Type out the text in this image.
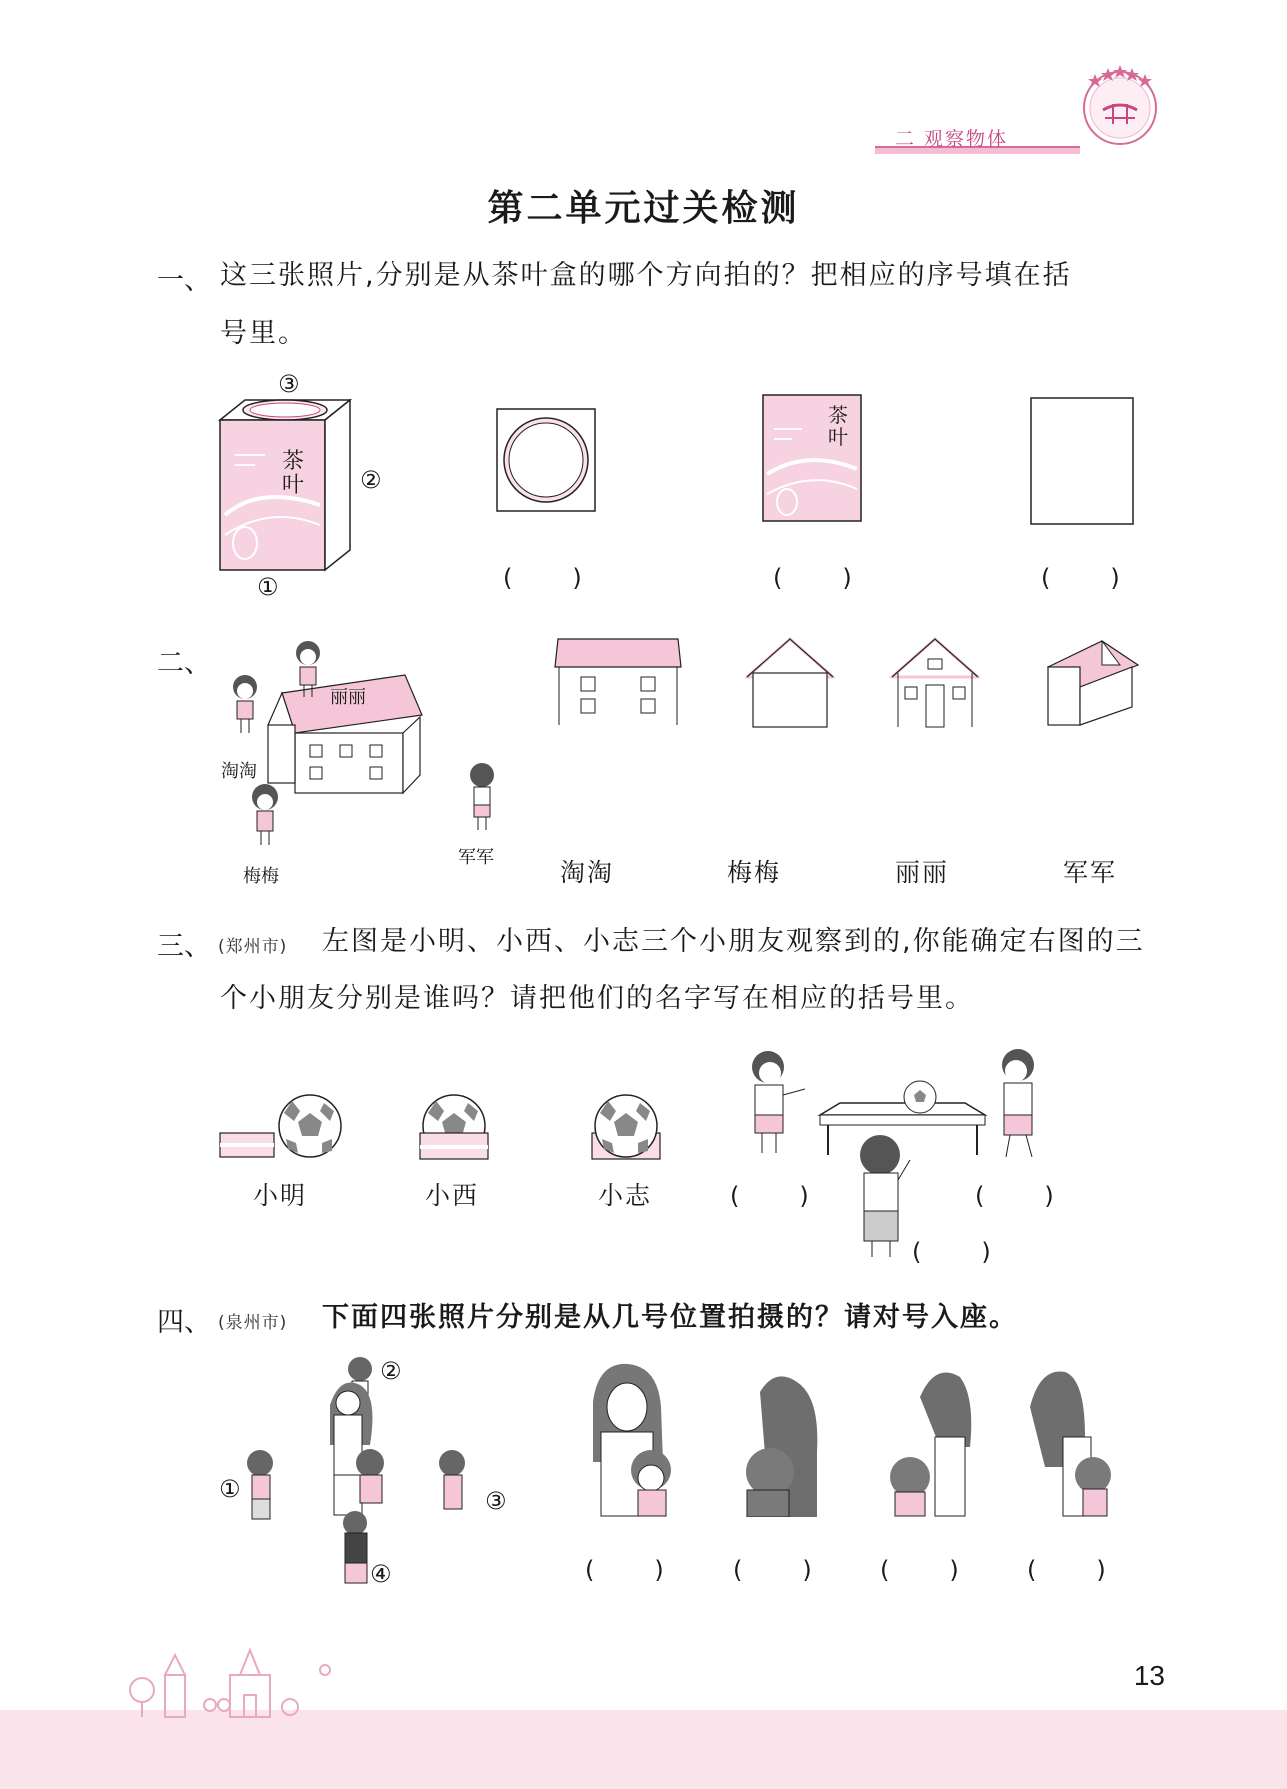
二 观察物体
第二单元过关检测
一、 这三张照片,分别是从茶叶盒的哪个方向拍的？把相应的序号填在括
号里。
茶叶
③
②
①
茶叶
(　　)	(　　)	(　　)
二、
丽丽
淘淘
梅梅
军军
淘淘	梅梅	丽丽	军军
三、 (郑州市) 左图是小明、小西、小志三个小朋友观察到的,你能确定右图的三
个小朋友分别是谁吗？请把他们的名字写在相应的括号里。
小明	小西	小志	(　　)	(　　)
(　　)
四、 (泉州市) 下面四张照片分别是从几号位置拍摄的？请对号入座。
②
①	③
④	(　　)	(　　)	(　　)	(　　)
13
